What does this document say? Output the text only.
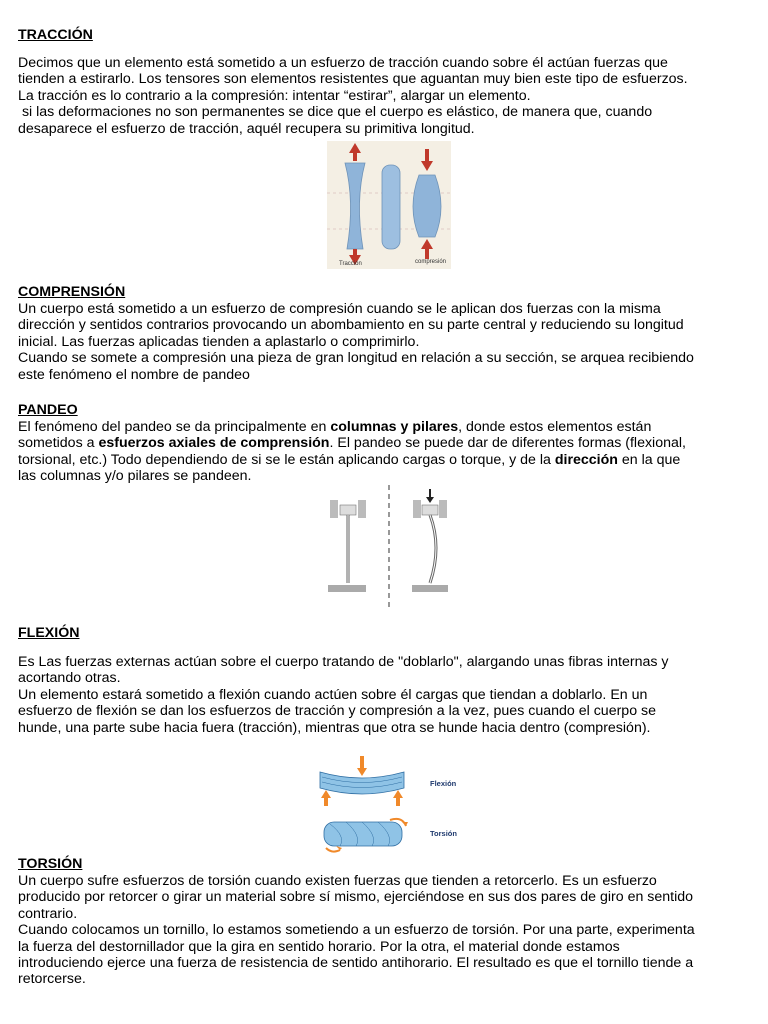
TRACCIÓN

Decimos que un elemento está sometido a un esfuerzo de tracción cuando sobre él actúan fuerzas que

tienden a estirarlo. Los tensores son elementos resistentes que aguantan muy bien este tipo de esfuerzos.

La tracción es lo contrario a la compresión: intentar “estirar”, alargar un elemento.

si las deformaciones no son permanentes se dice que el cuerpo es elástico, de manera que, cuando

desaparece el esfuerzo de tracción, aquél recupera su primitiva longitud.

Tracción	compresión
COMPRENSIÓN

Un cuerpo está sometido a un esfuerzo de compresión cuando se le aplican dos fuerzas con la misma

dirección y sentidos contrarios provocando un abombamiento en su parte central y reduciendo su longitud

inicial. Las fuerzas aplicadas tienden a aplastarlo o comprimirlo.

Cuando se somete a compresión una pieza de gran longitud en relación a su sección, se arquea recibiendo

este fenómeno el nombre de pandeo

PANDEO

El fenómeno del pandeo se da principalmente en columnas y pilares, donde estos elementos están

sometidos a esfuerzos axiales de comprensión. El pandeo se puede dar de diferentes formas (flexional,

torsional, etc.) Todo dependiendo de si se le están aplicando cargas o torque, y de la dirección en la que

las columnas y/o pilares se pandeen.

FLEXIÓN

Es Las fuerzas externas actúan sobre el cuerpo tratando de "doblarlo", alargando unas fibras internas y

acortando otras.

Un elemento estará sometido a flexión cuando actúen sobre él cargas que tiendan a doblarlo. En un

esfuerzo de flexión se dan los esfuerzos de tracción y compresión a la vez, pues cuando el cuerpo se

hunde, una parte sube hacia fuera (tracción), mientras que otra se hunde hacia dentro (compresión).

Flexión
Torsión
TORSIÓN

Un cuerpo sufre esfuerzos de torsión cuando existen fuerzas que tienden a retorcerlo. Es un esfuerzo

producido por retorcer o girar un material sobre sí mismo, ejerciéndose en sus dos pares de giro en sentido

contrario.

Cuando colocamos un tornillo, lo estamos sometiendo a un esfuerzo de torsión. Por una parte, experimenta

la fuerza del destornillador que la gira en sentido horario. Por la otra, el material donde estamos

introduciendo ejerce una fuerza de resistencia de sentido antihorario. El resultado es que el tornillo tiende a

retorcerse.
